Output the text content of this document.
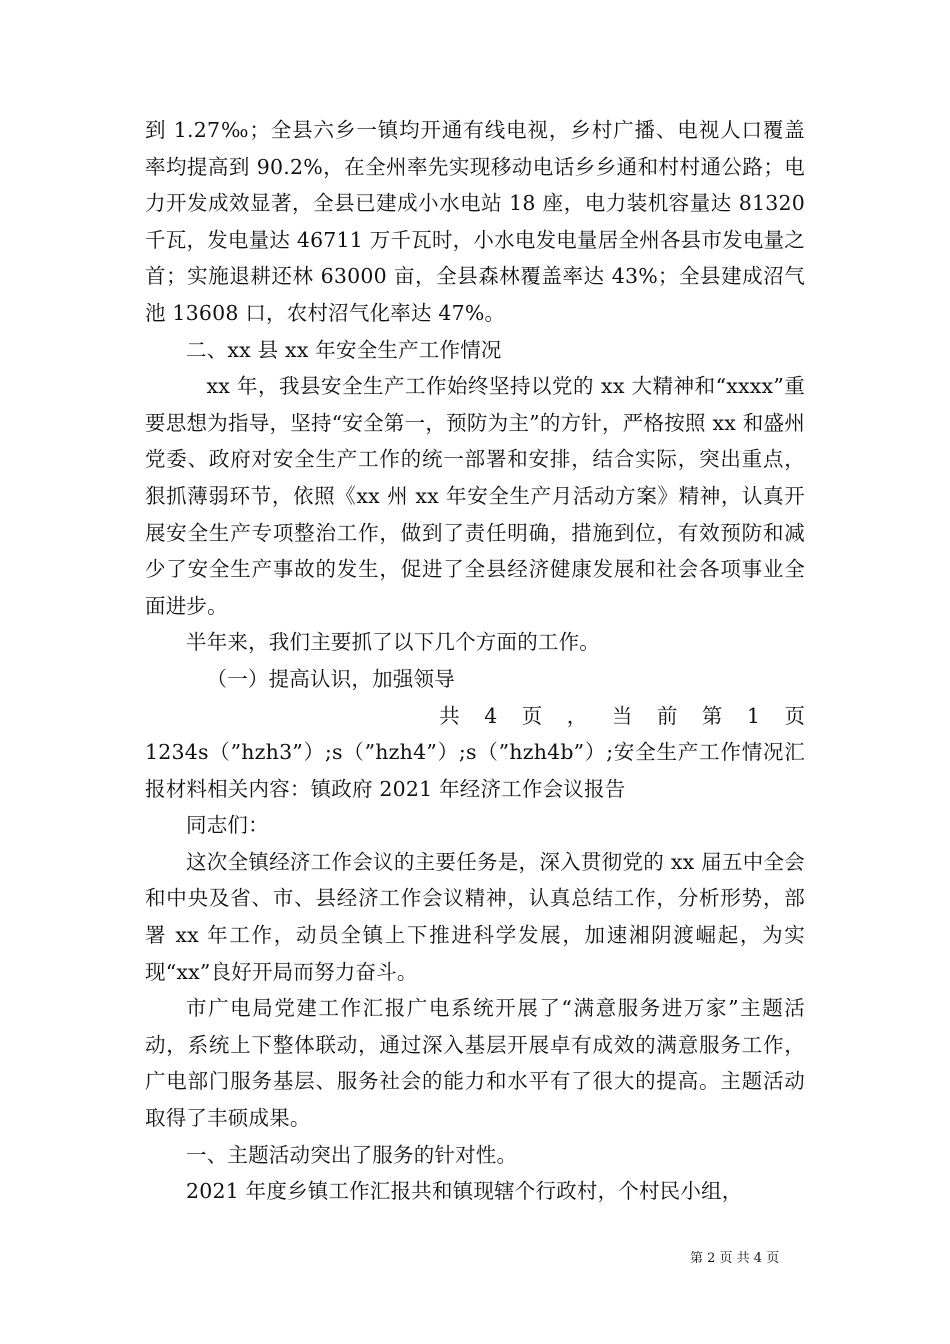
到 1.27‰；全县六乡一镇均开通有线电视，乡村广播、电视人口覆盖率均提高到 90.2%，在全州率先实现移动电话乡乡通和村村通公路；电力开发成效显著，全县已建成小水电站 18 座，电力装机容量达 81320 千瓦，发电量达 46711 万千瓦时，小水电发电量居全州各县市发电量之首；实施退耕还林 63000 亩，全县森林覆盖率达 43%；全县建成沼气池 13608 口，农村沼气化率达 47%。

二、xx 县 xx 年安全生产工作情况

xx 年，我县安全生产工作始终坚持以党的 xx 大精神和“xxxx”重要思想为指导，坚持“安全第一，预防为主”的方针，严格按照 xx 和盛州党委、政府对安全生产工作的统一部署和安排，结合实际，突出重点，狠抓薄弱环节，依照《xx 州 xx 年安全生产月活动方案》精神，认真开展安全生产专项整治工作，做到了责任明确，措施到位，有效预防和减少了安全生产事故的发生，促进了全县经济健康发展和社会各项事业全面进步。

半年来，我们主要抓了以下几个方面的工作。

（一）提高认识，加强领导

共 4 页 ， 当 前 第 1 页

1234s（”hzh3”）;s（”hzh4”）;s（”hzh4b”）;安全生产工作情况汇报材料相关内容：镇政府 2021 年经济工作会议报告

同志们：

这次全镇经济工作会议的主要任务是，深入贯彻党的 xx 届五中全会和中央及省、市、县经济工作会议精神，认真总结工作，分析形势，部署 xx 年工作，动员全镇上下推进科学发展，加速湘阴渡崛起，为实现“xx”良好开局而努力奋斗。

市广电局党建工作汇报广电系统开展了“满意服务进万家”主题活动，系统上下整体联动，通过深入基层开展卓有成效的满意服务工作，广电部门服务基层、服务社会的能力和水平有了很大的提高。主题活动取得了丰硕成果。

一、主题活动突出了服务的针对性。

2021 年度乡镇工作汇报共和镇现辖个行政村，个村民小组，

第 2 页 共 4 页
